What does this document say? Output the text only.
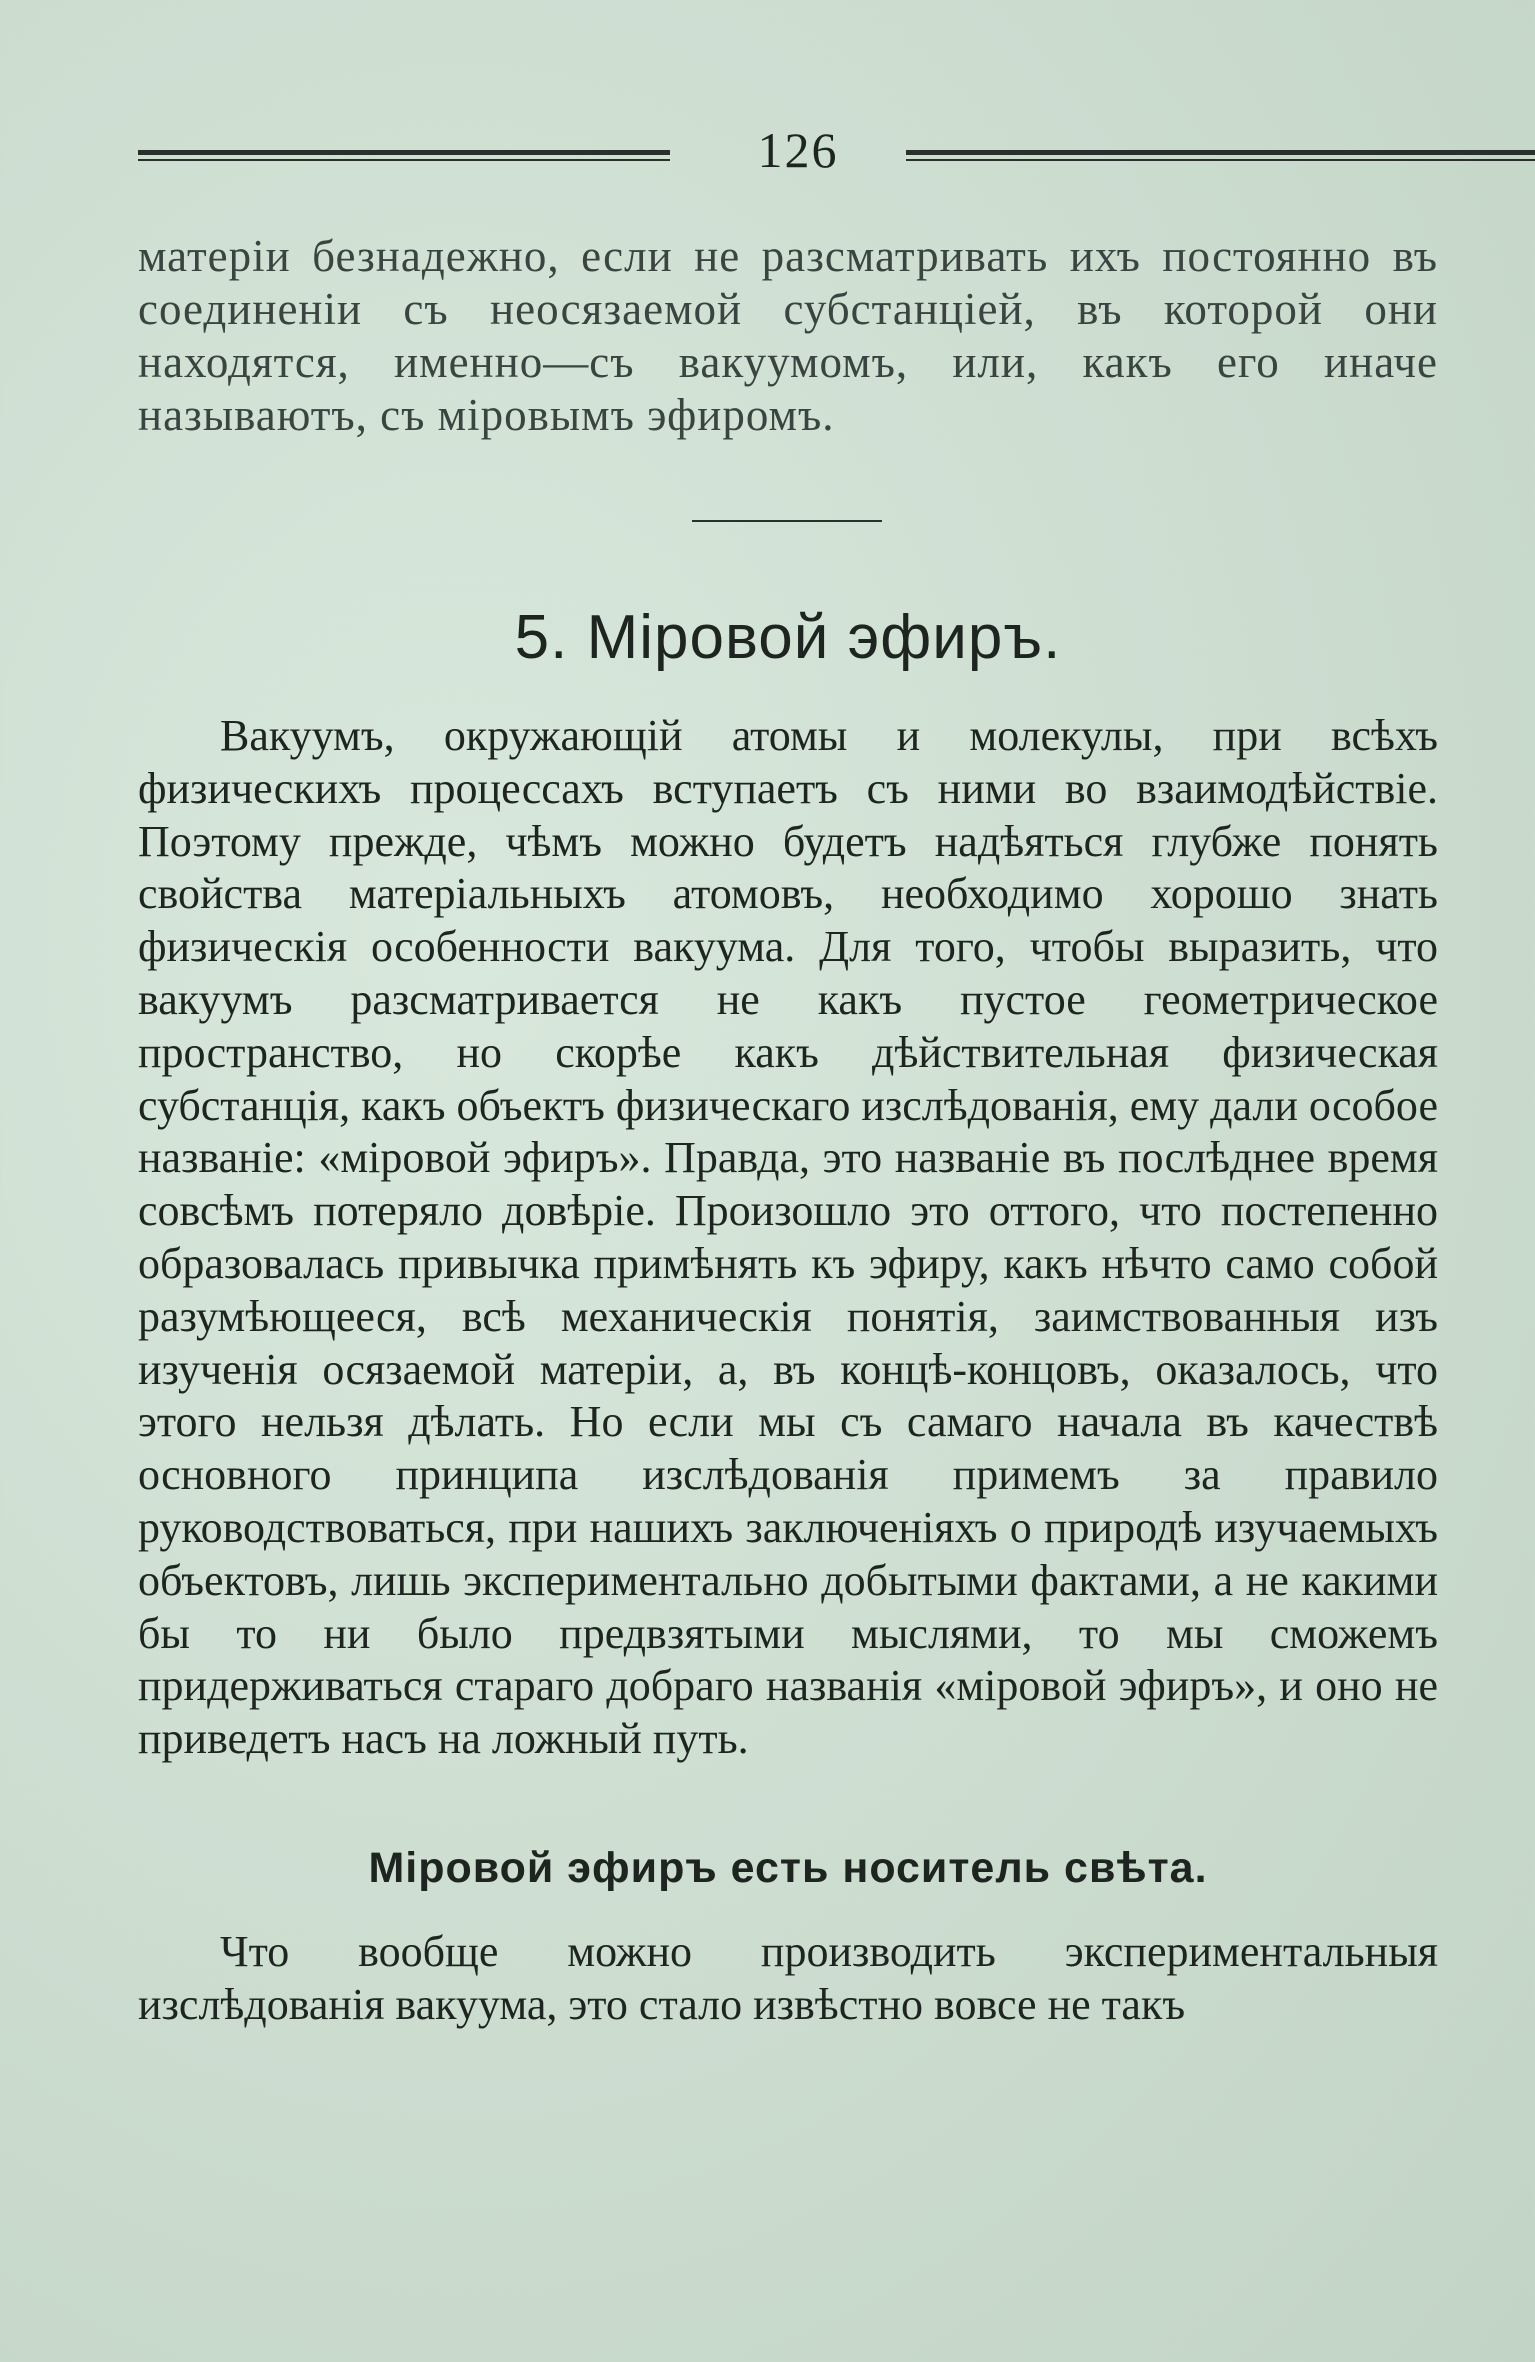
126

матерiи безнадежно, если не разсматривать ихъ постоянно въ соединенiи съ неосязаемой субстанцiей, въ которой они находятся, именно—съ вакуумомъ, или, какъ его иначе называютъ, съ мiровымъ эфиромъ.

5. Мiровой эфиръ.

Вакуумъ, окружающiй атомы и молекулы, при всѣхъ физическихъ процессахъ вступаетъ съ ними во взаимодѣйствiе. Поэтому прежде, чѣмъ можно будетъ надѣяться глубже понять свойства матерiальныхъ атомовъ, необходимо хорошо знать физическiя особенности вакуума. Для того, чтобы выразить, что вакуумъ разсматривается не какъ пустое геометрическое пространство, но скорѣе какъ дѣйствительная физическая субстанцiя, какъ объектъ физическаго изслѣдованiя, ему дали особое названiе: «мiровой эфиръ». Правда, это названiе въ послѣднее время совсѣмъ потеряло довѣрiе. Произошло это оттого, что постепенно образовалась привычка примѣнять къ эфиру, какъ нѣчто само собой разумѣющееся, всѣ механическiя понятiя, заимствованныя изъ изученiя осязаемой матерiи, а, въ концѣ-концовъ, оказалось, что этого нельзя дѣлать. Но если мы съ самаго начала въ качествѣ основного принципа изслѣдованiя примемъ за правило руководствоваться, при нашихъ заключенiяхъ о природѣ изучаемыхъ объектовъ, лишь экспериментально добытыми фактами, а не какими бы то ни было предвзятыми мыслями, то мы сможемъ придерживаться стараго добраго названiя «мiровой эфиръ», и оно не приведетъ насъ на ложный путь.

Мiровой эфиръ есть носитель свѣта.

Что вообще можно производить экспериментальныя изслѣдованiя вакуума, это стало извѣстно вовсе не такъ
